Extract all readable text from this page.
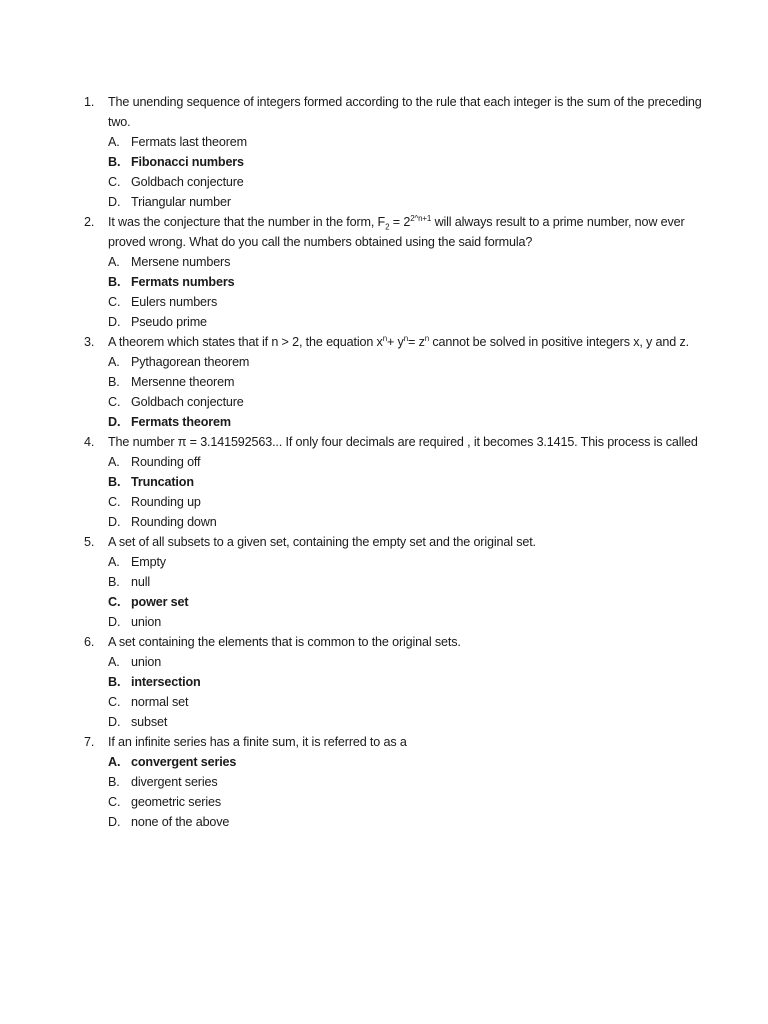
1.	The unending sequence of integers formed according to the rule that each integer is the sum of the preceding two.
A. Fermats last theorem
B. Fibonacci numbers
C. Goldbach conjecture
D. Triangular number
2.	It was the conjecture that the number in the form, $F_2 = 2^{2\^{}n+1}$ will always result to a prime number, now ever proved wrong. What do you call the numbers obtained using the said formula?
A. Mersene numbers
B. Fermats numbers
C. Eulers numbers
D. Pseudo prime
3.	A theorem which states that if n > 2, the equation $x^n+ y^n= z^n$ cannot be solved in positive integers x, y and z.
A. Pythagorean theorem
B. Mersenne theorem
C. Goldbach conjecture
D. Fermats theorem
4.	The number π = 3.141592563... If only four decimals are required , it becomes 3.1415. This process is called
A. Rounding off
B. Truncation
C. Rounding up
D. Rounding down
5.	A set of all subsets to a given set, containing the empty set and the original set.
A. Empty
B. null
C. power set
D. union
6.	A set containing the elements that is common to the original sets.
A. union
B. intersection
C. normal set
D. subset
7.	If an infinite series has a finite sum, it is referred to as a
A. convergent series
B. divergent series
C. geometric series
D. none of the above
